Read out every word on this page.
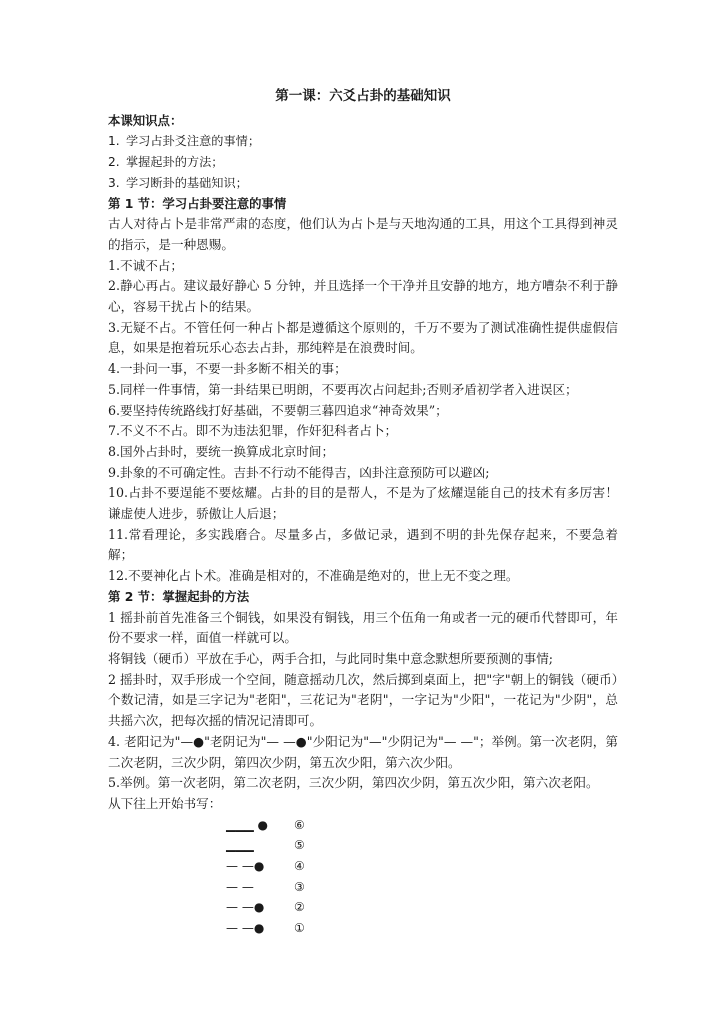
第一课：六爻占卦的基础知识
本课知识点：
1. 学习占卦爻注意的事情；
2. 掌握起卦的方法；
3. 学习断卦的基础知识；
第 1 节：学习占卦要注意的事情

古人对待占卜是非常严肃的态度，他们认为占卜是与天地沟通的工具，用这个工具得到神灵的指示，是一种恩赐。

1.不诚不占；

2.静心再占。建议最好静心 5 分钟，并且选择一个干净并且安静的地方，地方嘈杂不利于静心，容易干扰占卜的结果。

3.无疑不占。不管任何一种占卜都是遵循这个原则的，千万不要为了测试准确性提供虚假信息，如果是抱着玩乐心态去占卦，那纯粹是在浪费时间。

4.一卦问一事，不要一卦多断不相关的事；

5.同样一件事情，第一卦结果已明朗，不要再次占问起卦;否则矛盾初学者入进误区；

6.要坚持传统路线打好基础，不要朝三暮四追求“神奇效果”；

7.不义不不占。即不为违法犯罪，作奸犯科者占卜；

8.国外占卦时，要统一换算成北京时间；

9.卦象的不可确定性。吉卦不行动不能得吉，凶卦注意预防可以避凶;

10.占卦不要逞能不要炫耀。占卦的目的是帮人，不是为了炫耀逞能自己的技术有多厉害！谦虚使人进步，骄傲让人后退；

11.常看理论，多实践磨合。尽量多占，多做记录，遇到不明的卦先保存起来，不要急着解；

12.不要神化占卜术。准确是相对的，不准确是绝对的，世上无不变之理。

第 2 节：掌握起卦的方法

1 摇卦前首先准备三个铜钱，如果没有铜钱，用三个伍角一角或者一元的硬币代替即可，年份不要求一样，面值一样就可以。

将铜钱（硬币）平放在手心，两手合扣，与此同时集中意念默想所要预测的事情;

2 摇卦时，双手形成一个空间，随意摇动几次，然后掷到桌面上，把"字"朝上的铜钱（硬币）个数记清，如是三字记为"老阳"，三花记为"老阴"，一字记为"少阳"，一花记为"少阴"，总共摇六次，把每次摇的情况记清即可。

4. 老阳记为"—●"老阴记为"— —●"少阳记为"—"少阴记为"— —"；举例。第一次老阴，第二次老阴，三次少阴，第四次少阴，第五次少阳，第六次少阳。

5.举例。第一次老阴，第二次老阴，三次少阴，第四次少阴，第五次少阳，第六次老阳。

从下往上开始书写：

▁▁▁ ●	⑥
▁▁▁	⑤
— —●	④
— —	③
— —●	②
— —●	①
